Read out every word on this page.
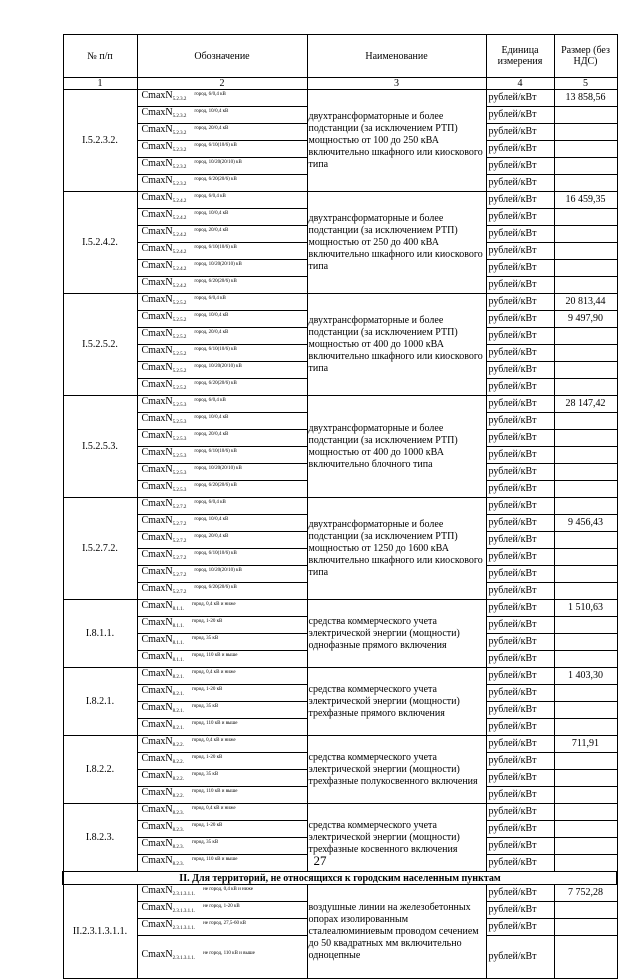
№ п/п	Обозначение	Наименование	Единица измерения	Размер (без НДС)
1	2	3	4	5
I.5.2.3.2.	CmaxN$_{5.2.3.2}^{город, 6/0,4 кВ}$	двухтрансформаторные и более подстанции (за исключением РТП) мощностью от 100 до 250 кВА включительно шкафного или киоскового типа	рублей/кВт	13 858,56
	CmaxN$_{5.2.3.2}^{город, 10/0,4 кВ}$		рублей/кВт	
	CmaxN$_{5.2.3.2}^{город, 20/0,4 кВ}$		рублей/кВт	
	CmaxN$_{5.2.3.2}^{город, 6/10(10/6) кВ}$		рублей/кВт	
	CmaxN$_{5.2.3.2}^{город, 10/20(20/10) кВ}$		рублей/кВт	
	CmaxN$_{5.2.3.2}^{город, 6/20(20/6) кВ}$		рублей/кВт	
I.5.2.4.2.	CmaxN$_{5.2.4.2}^{город, 6/0,4 кВ}$	двухтрансформаторные и более подстанции (за исключением РТП) мощностью от 250 до 400 кВА включительно шкафного или киоскового типа	рублей/кВт	16 459,35
	CmaxN$_{5.2.4.2}^{город, 10/0,4 кВ}$		рублей/кВт	
	CmaxN$_{5.2.4.2}^{город, 20/0,4 кВ}$		рублей/кВт	
	CmaxN$_{5.2.4.2}^{город, 6/10(10/6) кВ}$		рублей/кВт	
	CmaxN$_{5.2.4.2}^{город, 10/20(20/10) кВ}$		рублей/кВт	
	CmaxN$_{5.2.4.2}^{город, 6/20(20/6) кВ}$		рублей/кВт	
I.5.2.5.2.	CmaxN$_{5.2.5.2}^{город, 6/0,4 кВ}$	двухтрансформаторные и более подстанции (за исключением РТП) мощностью от 400 до 1000 кВА включительно шкафного или киоскового типа	рублей/кВт	20 813,44
	CmaxN$_{5.2.5.2}^{город, 10/0,4 кВ}$		рублей/кВт	9 497,90
	CmaxN$_{5.2.5.2}^{город, 20/0,4 кВ}$		рублей/кВт	
	CmaxN$_{5.2.5.2}^{город, 6/10(10/6) кВ}$		рублей/кВт	
	CmaxN$_{5.2.5.2}^{город, 10/20(20/10) кВ}$		рублей/кВт	
	CmaxN$_{5.2.5.2}^{город, 6/20(20/6) кВ}$		рублей/кВт	
I.5.2.5.3.	CmaxN$_{5.2.5.3}^{город, 6/0,4 кВ}$	двухтрансформаторные и более подстанции (за исключением РТП) мощностью от 400 до 1000 кВА включительно блочного типа	рублей/кВт	28 147,42
	CmaxN$_{5.2.5.3}^{город, 10/0,4 кВ}$		рублей/кВт	
	CmaxN$_{5.2.5.3}^{город, 20/0,4 кВ}$		рублей/кВт	
	CmaxN$_{5.2.5.3}^{город, 6/10(10/6) кВ}$		рублей/кВт	
	CmaxN$_{5.2.5.3}^{город, 10/20(20/10) кВ}$		рублей/кВт	
	CmaxN$_{5.2.5.3}^{город, 6/20(20/6) кВ}$		рублей/кВт	
I.5.2.7.2.	CmaxN$_{5.2.7.2}^{город, 6/0,4 кВ}$	двухтрансформаторные и более подстанции (за исключением РТП) мощностью от 1250 до 1600 кВА включительно шкафного или киоскового типа	рублей/кВт	
	CmaxN$_{5.2.7.2}^{город, 10/0,4 кВ}$		рублей/кВт	9 456,43
	CmaxN$_{5.2.7.2}^{город, 20/0,4 кВ}$		рублей/кВт	
	CmaxN$_{5.2.7.2}^{город, 6/10(10/6) кВ}$		рублей/кВт	
	CmaxN$_{5.2.7.2}^{город, 10/20(20/10) кВ}$		рублей/кВт	
	CmaxN$_{5.2.7.2}^{город, 6/20(20/6) кВ}$		рублей/кВт	
I.8.1.1.	CmaxN$_{8.1.1.}^{город, 0,4 кВ и ниже}$	средства коммерческого учета электрической энергии (мощности) однофазные прямого включения	рублей/кВт	1 510,63
	CmaxN$_{8.1.1.}^{город, 1-20 кВ}$		рублей/кВт	
	CmaxN$_{8.1.1.}^{город, 35 кВ}$		рублей/кВт	
	CmaxN$_{8.1.1.}^{город, 110 кВ и выше}$		рублей/кВт	
I.8.2.1.	CmaxN$_{8.2.1.}^{город, 0,4 кВ и ниже}$	средства коммерческого учета электрической энергии (мощности) трехфазные прямого включения	рублей/кВт	1 403,30
	CmaxN$_{8.2.1.}^{город, 1-20 кВ}$		рублей/кВт	
	CmaxN$_{8.2.1.}^{город, 35 кВ}$		рублей/кВт	
	CmaxN$_{8.2.1.}^{город, 110 кВ и выше}$		рублей/кВт	
I.8.2.2.	CmaxN$_{8.2.2.}^{город, 0,4 кВ и ниже}$	средства коммерческого учета электрической энергии (мощности) трехфазные полукосвенного включения	рублей/кВт	711,91
	CmaxN$_{8.2.2.}^{город, 1-20 кВ}$		рублей/кВт	
	CmaxN$_{8.2.2.}^{город, 35 кВ}$		рублей/кВт	
	CmaxN$_{8.2.2.}^{город, 110 кВ и выше}$		рублей/кВт	
I.8.2.3.	CmaxN$_{8.2.3.}^{город, 0,4 кВ и ниже}$	средства коммерческого учета электрической энергии (мощности) трехфазные косвенного включения	рублей/кВт	
	CmaxN$_{8.2.3.}^{город, 1-20 кВ}$		рублей/кВт	
	CmaxN$_{8.2.3.}^{город, 35 кВ}$		рублей/кВт	
	CmaxN$_{8.2.3.}^{город, 110 кВ и выше}$		рублей/кВт	
II. Для территорий, не относящихся к городским населенным пунктам				
II.2.3.1.3.1.1.	CmaxN$_{2.3.1.3.1.1.}^{не город, 0,4 кВ и ниже}$	воздушные линии на железобетонных опорах изолированным сталеалюминиевым проводом сечением до 50 квадратных мм включительно одноцепные	рублей/кВт	7 752,28
	CmaxN$_{2.3.1.3.1.1.}^{не город, 1-20 кВ}$		рублей/кВт	
	CmaxN$_{2.3.1.3.1.1.}^{не город, 27,5-60 кВ}$		рублей/кВт	
	CmaxN$_{2.3.1.3.1.1.}^{не город, 110 кВ и выше}$		рублей/кВт	
27
